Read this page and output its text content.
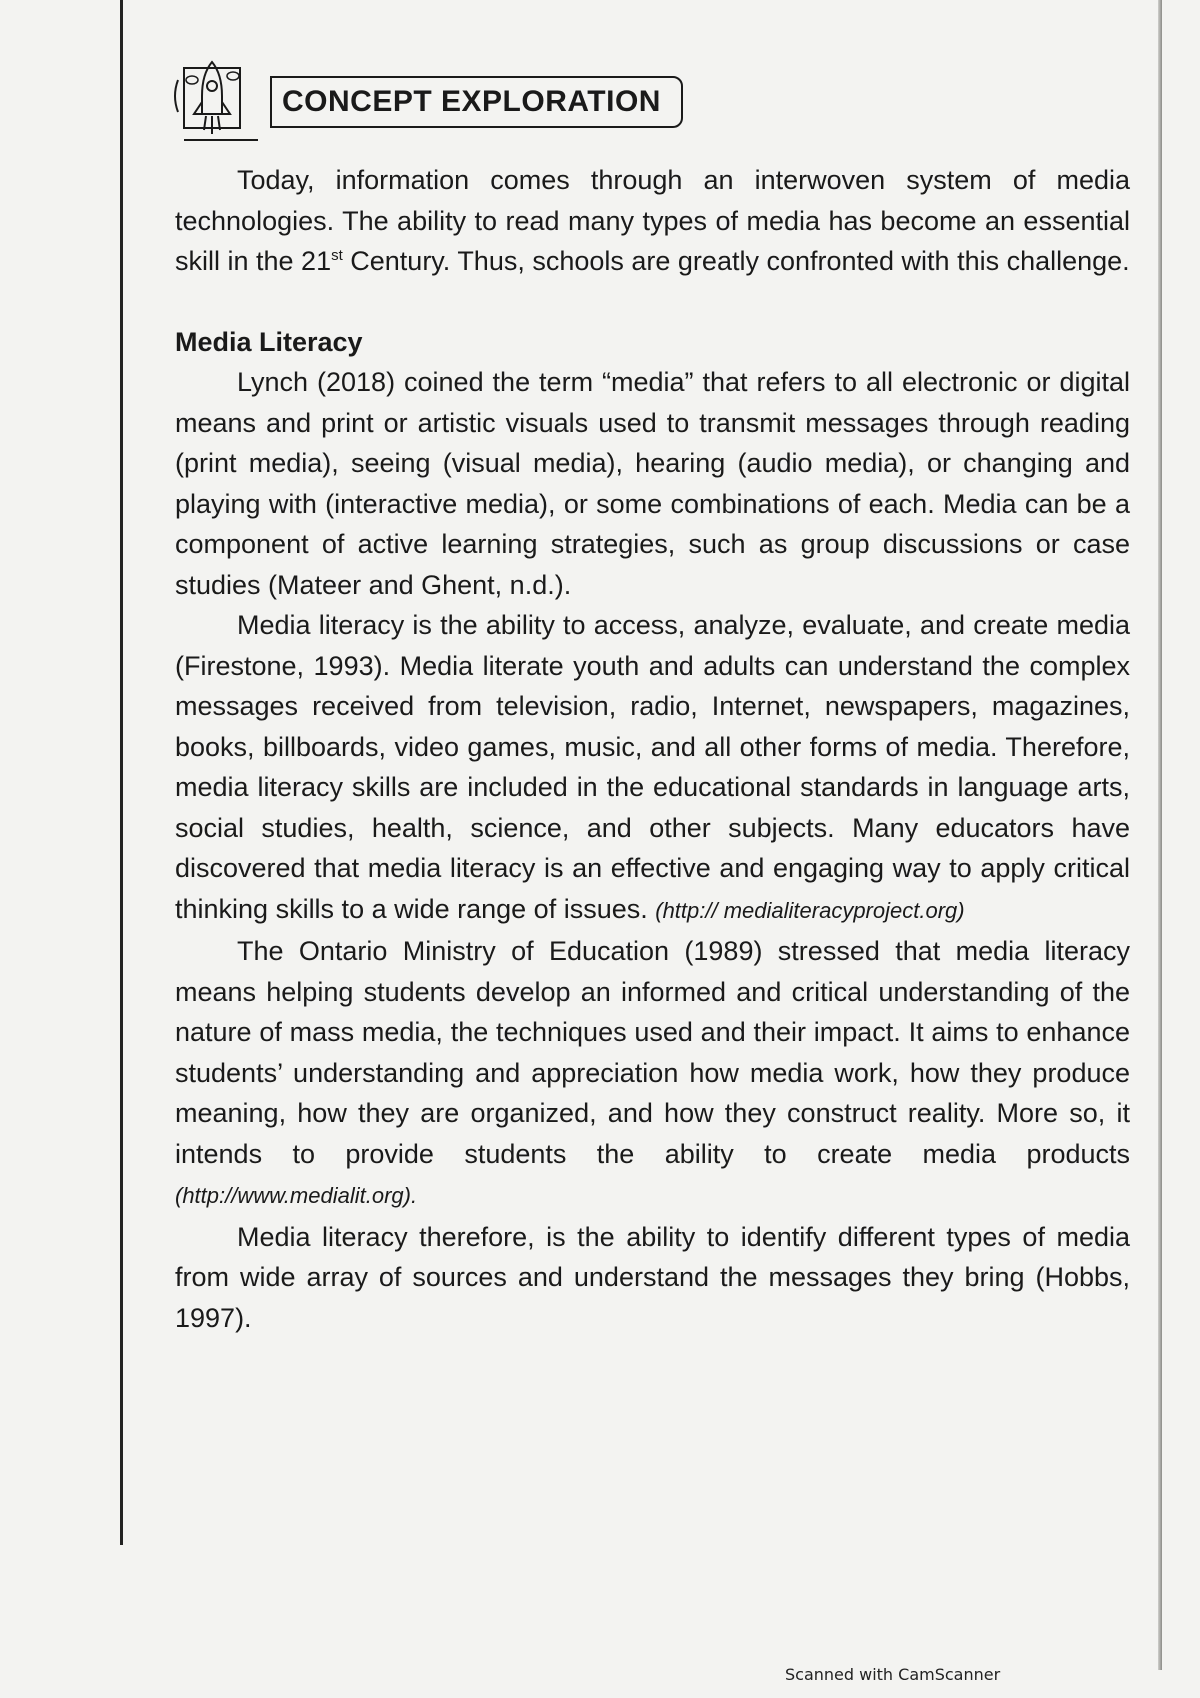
CONCEPT EXPLORATION

Today, information comes through an interwoven system of media technologies. The ability to read many types of media has become an essential skill in the 21st Century. Thus, schools are greatly confronted with this challenge.

Media Literacy

Lynch (2018) coined the term “media” that refers to all electronic or digital means and print or artistic visuals used to transmit messages through reading (print media), seeing (visual media), hearing (audio media), or changing and playing with (interactive media), or some combinations of each. Media can be a component of active learning strategies, such as group discussions or case studies (Mateer and Ghent, n.d.).

Media literacy is the ability to access, analyze, evaluate, and create media (Firestone, 1993). Media literate youth and adults can understand the complex messages received from television, radio, Internet, newspapers, magazines, books, billboards, video games, music, and all other forms of media. Therefore, media literacy skills are included in the educational standards in language arts, social studies, health, science, and other subjects. Many educators have discovered that media literacy is an effective and engaging way to apply critical thinking skills to a wide range of issues. (http:// medialiteracyproject.org)

The Ontario Ministry of Education (1989) stressed that media literacy means helping students develop an informed and critical understanding of the nature of mass media, the techniques used and their impact. It aims to enhance students’ understanding and appreciation how media work, how they produce meaning, how they are organized, and how they construct reality. More so, it intends to provide students the ability to create media products (http://www.medialit.org).

Media literacy therefore, is the ability to identify different types of media from wide array of sources and understand the messages they bring (Hobbs, 1997).

Scanned with CamScanner
